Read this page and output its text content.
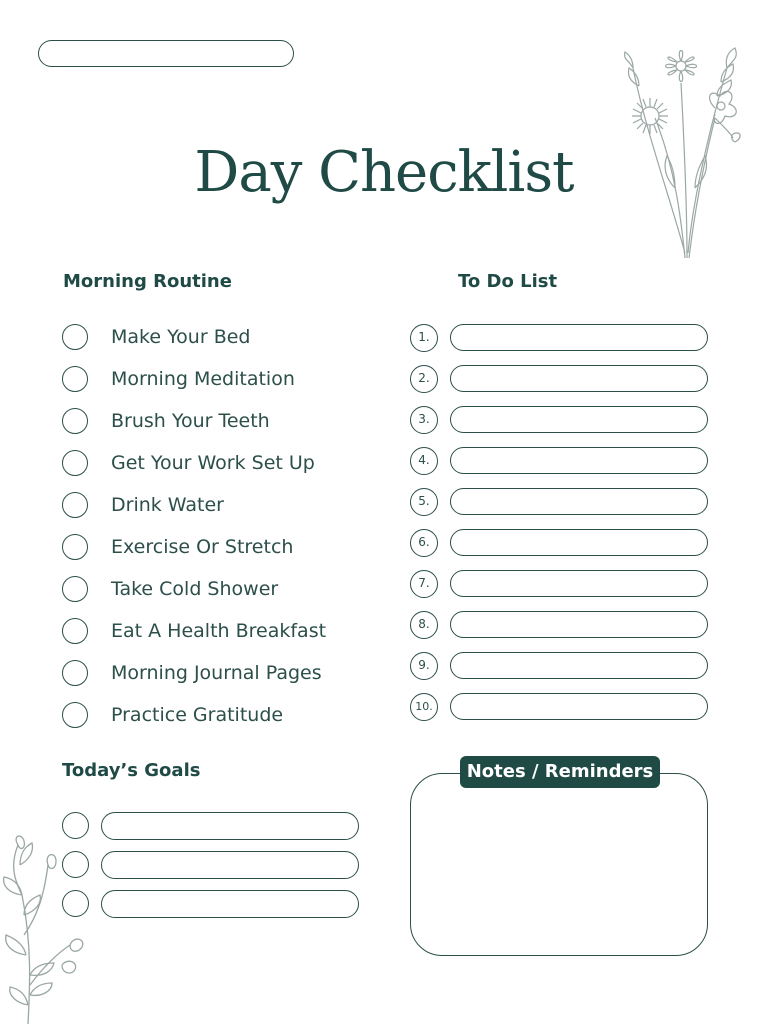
Day Checklist
Morning Routine
Make Your Bed
Morning Meditation
Brush Your Teeth
Get Your Work Set Up
Drink Water
Exercise Or Stretch
Take Cold Shower
Eat A Health Breakfast
Morning Journal Pages
Practice Gratitude
To Do List
1.
2.
3.
4.
5.
6.
7.
8.
9.
10.
Today’s Goals	Notes / Reminders
